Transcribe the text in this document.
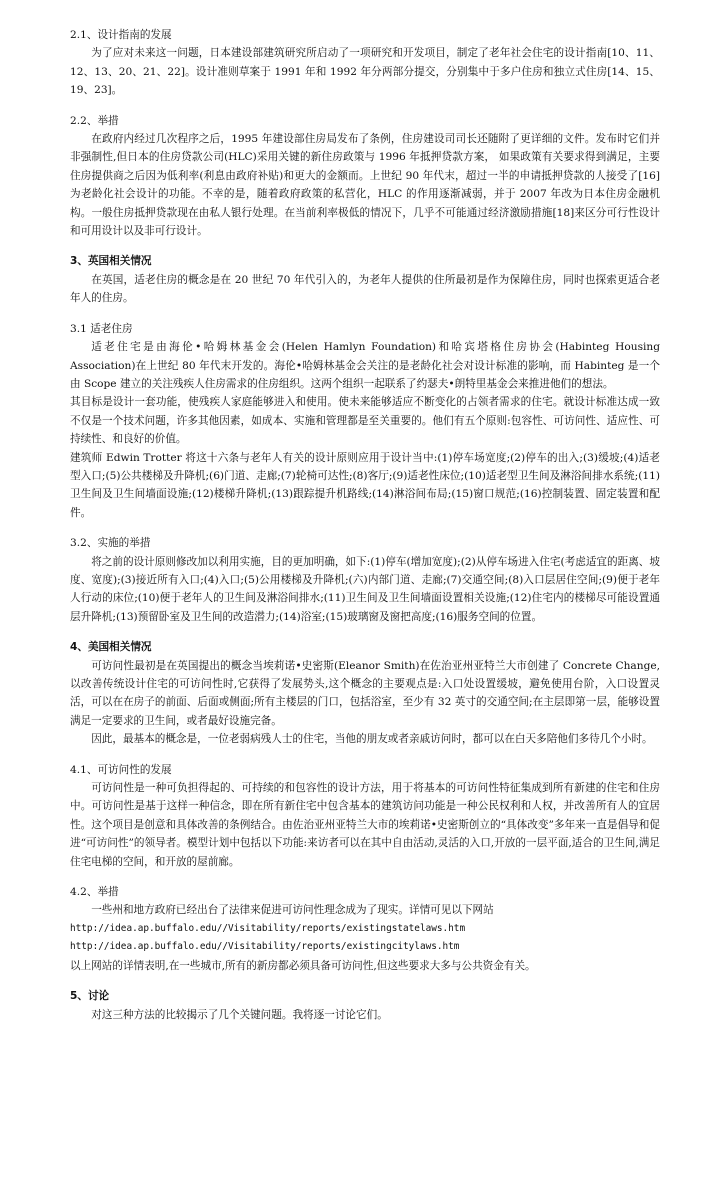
2.1、设计指南的发展

为了应对未来这一问题，日本建设部建筑研究所启动了一项研究和开发项目，制定了老年社会住宅的设计指南[10、11、12、13、20、21、22]。设计准则草案于 1991 年和 1992 年分两部分提交，分别集中于多户住房和独立式住房[14、15、19、23]。

2.2、举措

在政府内经过几次程序之后，1995 年建设部住房局发布了条例，住房建设司司长还随附了更详细的文件。发布时它们并非强制性,但日本的住房贷款公司(HLC)采用关键的新住房政策与 1996 年抵押贷款方案， 如果政策有关要求得到满足，主要住房提供商之后因为低利率(利息由政府补贴)和更大的金额而。上世纪 90 年代末，超过一半的申请抵押贷款的人接受了[16]为老龄化社会设计的功能。不幸的是，随着政府政策的私营化，HLC 的作用逐渐减弱，并于 2007 年改为日本住房金融机构。一般住房抵押贷款现在由私人银行处理。在当前利率极低的情况下，几乎不可能通过经济激励措施[18]来区分可行性设计和可用设计以及非可行设计。

3、英国相关情况

在英国，适老住房的概念是在 20 世纪 70 年代引入的，为老年人提供的住所最初是作为保障住房，同时也探索更适合老年人的住房。

3.1 适老住房

适老住宅是由海伦•哈姆林基金会(Helen Hamlyn Foundation)和哈宾塔格住房协会(Habinteg Housing Association)在上世纪 80 年代末开发的。海伦•哈姆林基金会关注的是老龄化社会对设计标准的影响，而 Habinteg 是一个由 Scope 建立的关注残疾人住房需求的住房组织。这两个组织一起联系了约瑟夫•朗特里基金会来推进他们的想法。

其目标是设计一套功能，使残疾人家庭能够进入和使用。使未来能够适应不断变化的占领者需求的住宅。就设计标准达成一致不仅是一个技术问题，许多其他因素，如成本、实施和管理都是至关重要的。他们有五个原则:包容性、可访问性、适应性、可持续性、和良好的价值。

建筑师 Edwin Trotter 将这十六条与老年人有关的设计原则应用于设计当中:(1)停车场宽度;(2)停车的出入;(3)缓坡;(4)适老型入口;(5)公共楼梯及升降机;(6)门道、走廊;(7)轮椅可达性;(8)客厅;(9)适老性床位;(10)适老型卫生间及淋浴间排水系统;(11)卫生间及卫生间墙面设施;(12)楼梯升降机;(13)跟踪提升机路线;(14)淋浴间布局;(15)窗口规范;(16)控制装置、固定装置和配件。

3.2、实施的举措

将之前的设计原则修改加以利用实施，目的更加明确，如下:(1)停车(增加宽度);(2)从停车场进入住宅(考虑适宜的距离、坡度、宽度);(3)接近所有入口;(4)入口;(5)公用楼梯及升降机;(六)内部门道、走廊;(7)交通空间;(8)入口层居住空间;(9)便于老年人行动的床位;(10)便于老年人的卫生间及淋浴间排水;(11)卫生间及卫生间墙面设置相关设施;(12)住宅内的楼梯尽可能设置通层升降机;(13)预留卧室及卫生间的改造潜力;(14)浴室;(15)玻璃窗及窗把高度;(16)服务空间的位置。

4、美国相关情况

可访问性最初是在英国提出的概念当埃莉诺•史密斯(Eleanor Smith)在佐治亚州亚特兰大市创建了 Concrete Change,以改善传统设计住宅的可访问性时,它获得了发展势头,这个概念的主要观点是:入口处设置缓坡，避免使用台阶，入口设置灵活，可以在在房子的前面、后面或侧面;所有主楼层的门口，包括浴室，至少有 32 英寸的交通空间;在主层即第一层，能够设置满足一定要求的卫生间，或者最好设施完备。

因此，最基本的概念是，一位老弱病残人士的住宅，当他的朋友或者亲戚访问时，都可以在白天多陪他们多待几个小时。

4.1、可访问性的发展

可访问性是一种可负担得起的、可持续的和包容性的设计方法，用于将基本的可访问性特征集成到所有新建的住宅和住房中。可访问性是基于这样一种信念，即在所有新住宅中包含基本的建筑访问功能是一种公民权利和人权，并改善所有人的宜居性。这个项目是创意和具体改善的条例结合。由佐治亚州亚特兰大市的埃莉诺•史密斯创立的“具体改变”多年来一直是倡导和促进“可访问性”的领导者。模型计划中包括以下功能:来访者可以在其中自由活动,灵活的入口,开放的一层平面,适合的卫生间,满足住宅电梯的空间，和开放的屋前廊。

4.2、举措

一些州和地方政府已经出台了法律来促进可访问性理念成为了现实。详情可见以下网站

http://idea.ap.buffalo.edu//Visitability/reports/existingstatelaws.htm

http://idea.ap.buffalo.edu//Visitability/reports/existingcitylaws.htm

以上网站的详情表明,在一些城市,所有的新房都必须具备可访问性,但这些要求大多与公共资金有关。

5、讨论

对这三种方法的比较揭示了几个关键问题。我将逐一讨论它们。
